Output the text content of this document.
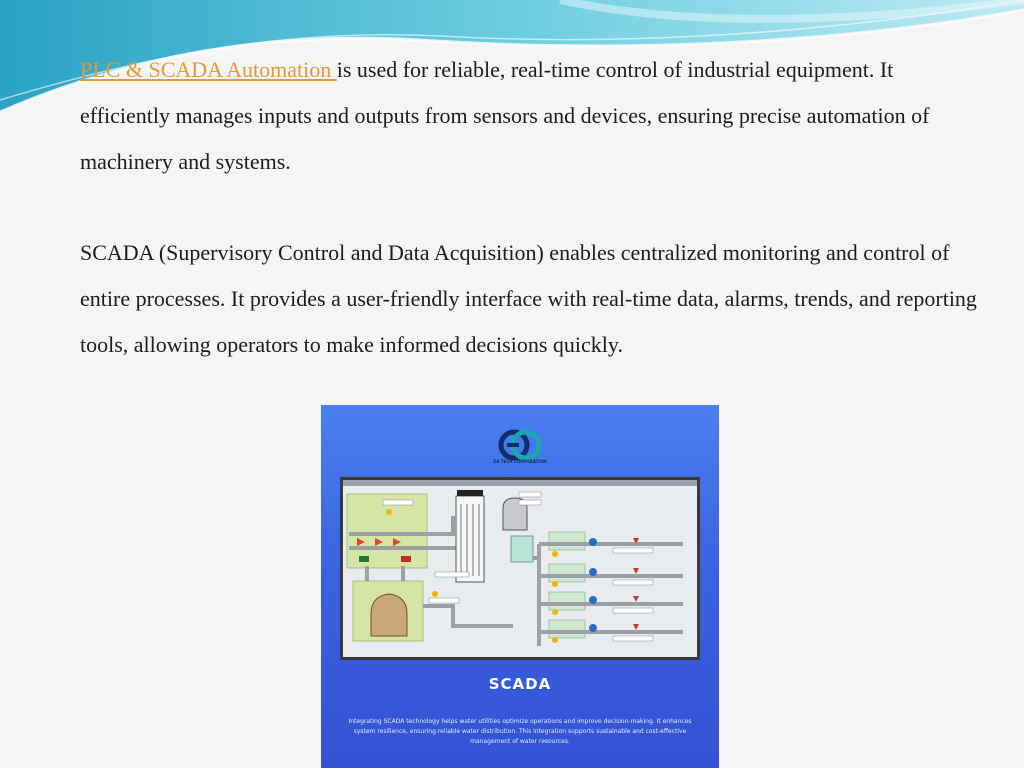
PLC & SCADA Automation is used for reliable, real-time control of industrial equipment. It efficiently manages inputs and outputs from sensors and devices, ensuring precise automation of machinery and systems.

SCADA (Supervisory Control and Data Acquisition) enables centralized monitoring and control of entire processes. It provides a user-friendly interface with real-time data, alarms, trends, and reporting tools, allowing operators to make informed decisions quickly.

EA TECH CORPORATION
SCADA
Integrating SCADA technology helps water utilities optimize operations and improve decision-making. It enhances system resilience, ensuring reliable water distribution. This integration supports sustainable and cost-effective management of water resources.
